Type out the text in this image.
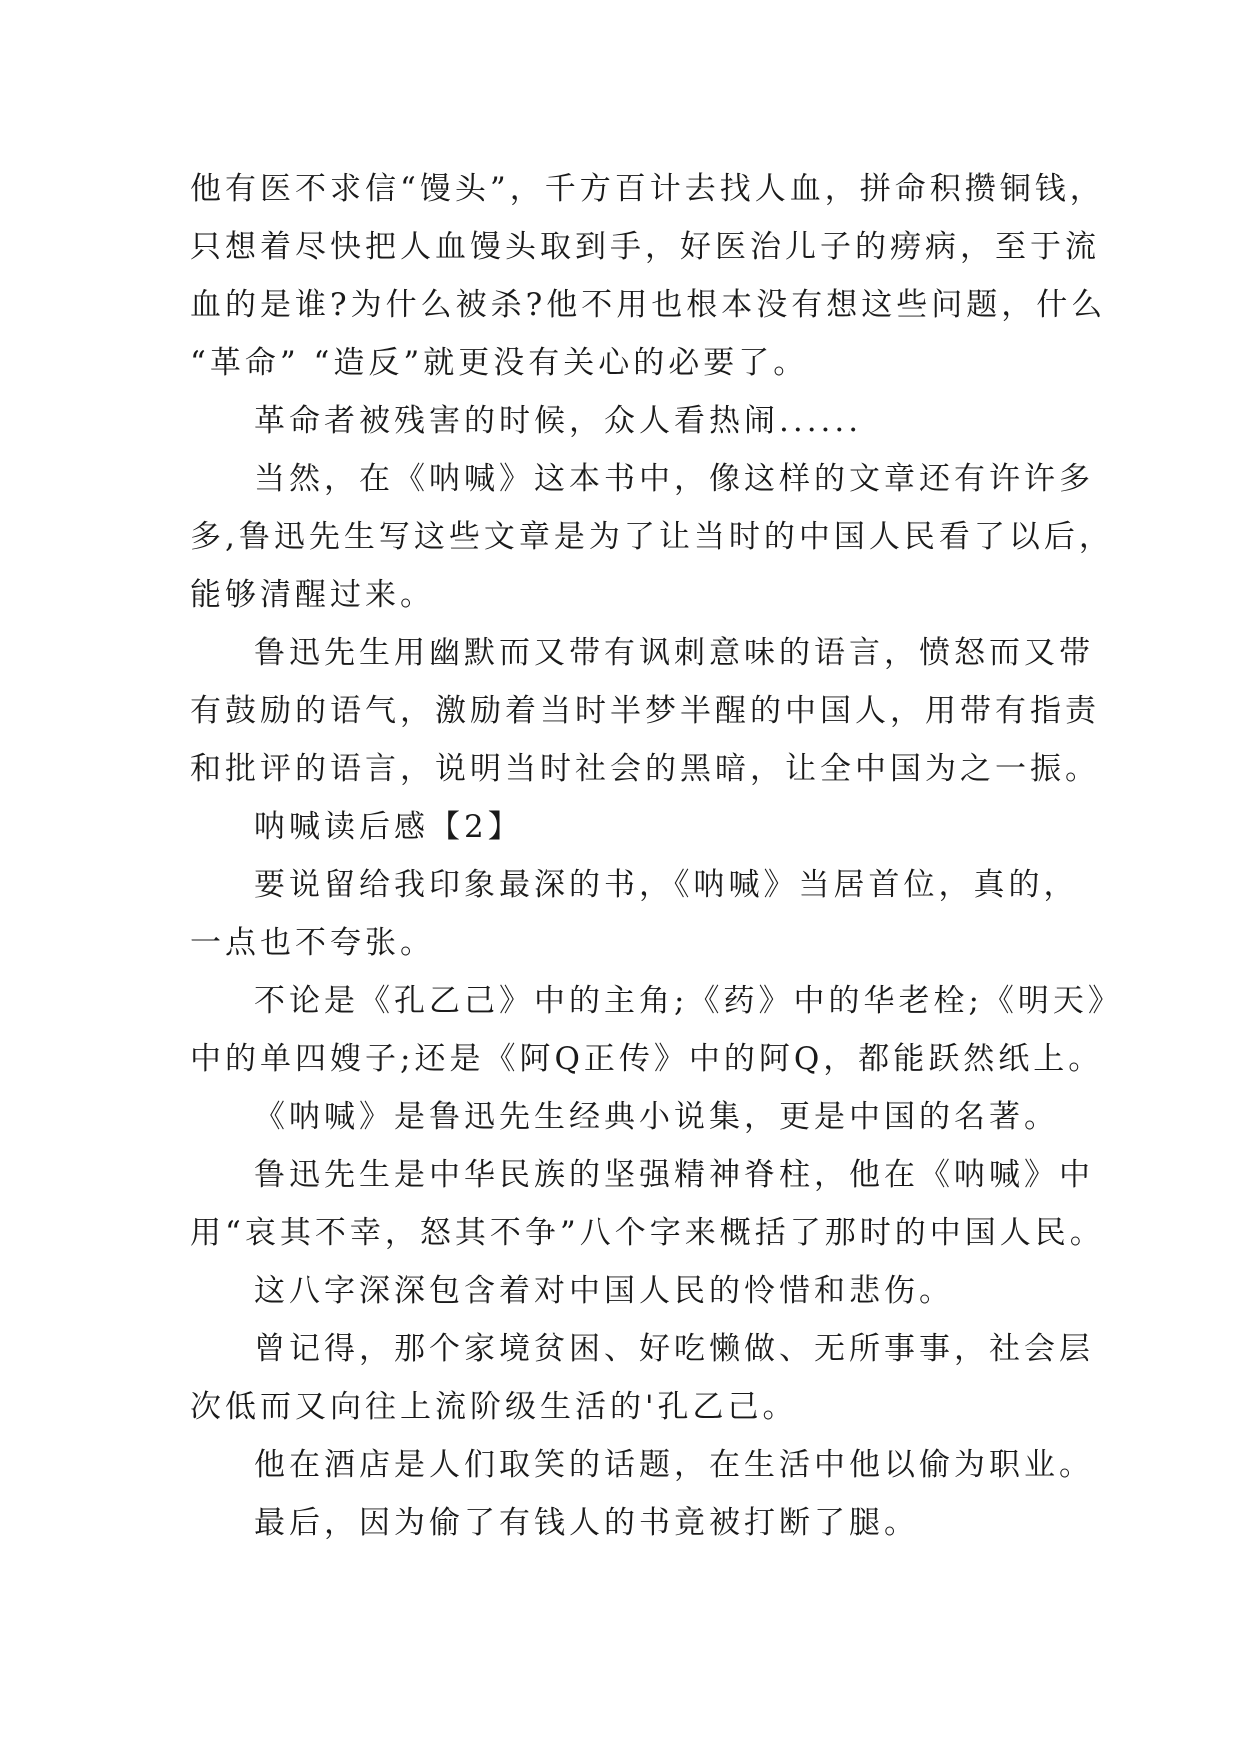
他有医不求信“馒头”，千方百计去找人血，拼命积攒铜钱，
只想着尽快把人血馒头取到手，好医治儿子的痨病，至于流
血的是谁?为什么被杀?他不用也根本没有想这些问题，什么
“革命” “造反”就更没有关心的必要了。
革命者被残害的时候，众人看热闹......
当然，在《呐喊》这本书中，像这样的文章还有许许多
多,鲁迅先生写这些文章是为了让当时的中国人民看了以后，
能够清醒过来。
鲁迅先生用幽默而又带有讽刺意味的语言，愤怒而又带
有鼓励的语气，激励着当时半梦半醒的中国人，用带有指责
和批评的语言，说明当时社会的黑暗，让全中国为之一振。
呐喊读后感【2】
要说留给我印象最深的书，《呐喊》当居首位，真的，
一点也不夸张。
不论是《孔乙己》中的主角;《药》中的华老栓;《明天》
中的单四嫂子;还是《阿Q正传》中的阿Q，都能跃然纸上。
《呐喊》是鲁迅先生经典小说集，更是中国的名著。
鲁迅先生是中华民族的坚强精神脊柱，他在《呐喊》中
用“哀其不幸，怒其不争”八个字来概括了那时的中国人民。
这八字深深包含着对中国人民的怜惜和悲伤。
曾记得，那个家境贫困、好吃懒做、无所事事，社会层
次低而又向往上流阶级生活的'孔乙己。
他在酒店是人们取笑的话题，在生活中他以偷为职业。
最后，因为偷了有钱人的书竟被打断了腿。
